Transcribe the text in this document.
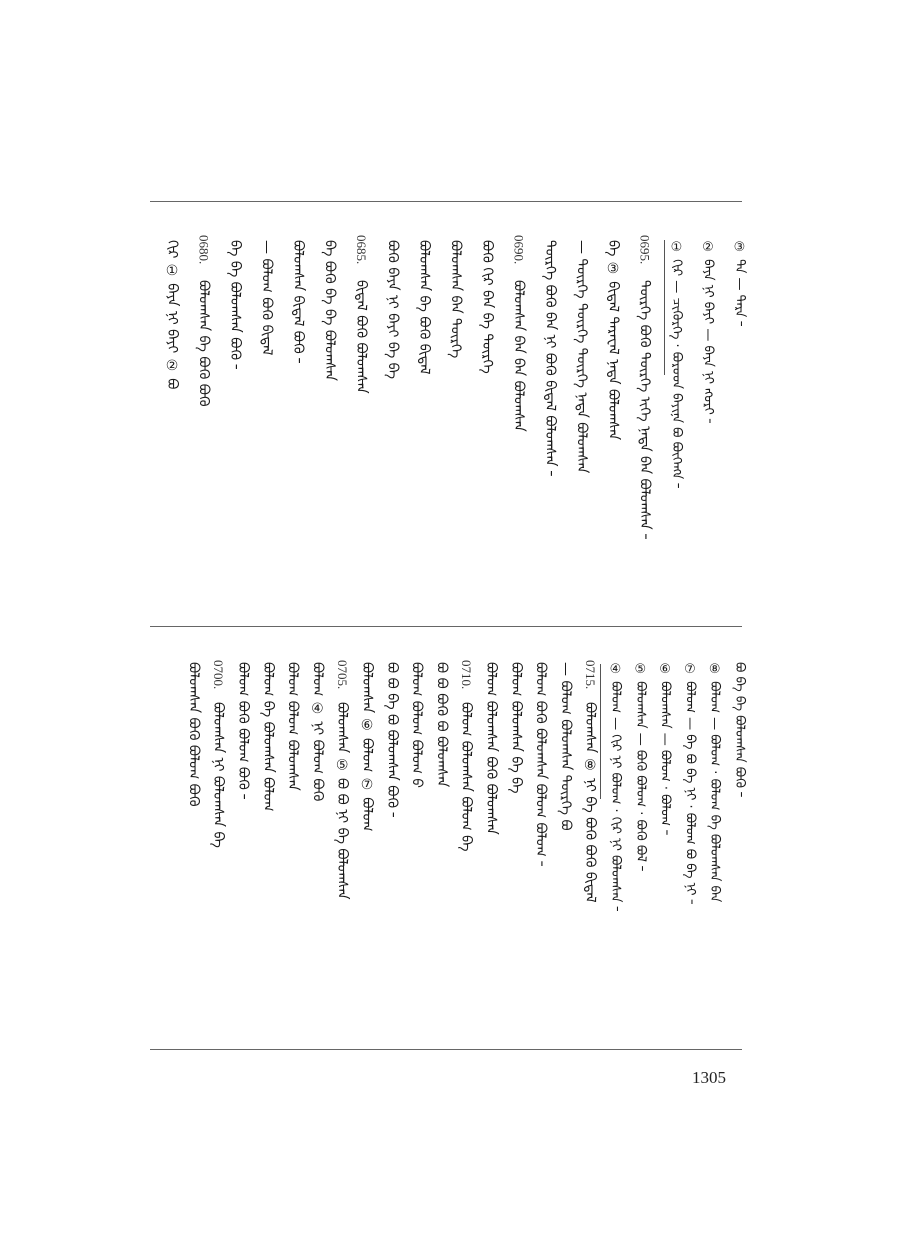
③ ᠲᠡ — ᠲᠡᠷᠡ ᠊᠊
② ᠪᠠᠶᠠ ᠨᠢ ᠪᠠᠶᠢ — ᠪᠠᠶᠠ ᠨᠢ ᠩᠤᠷᠢ ᠊᠊
① ᠭᠢᠷ — ᠴᠢᠭᠦᠷᠭᠡ · ᠪᠤᠷᠤᠳ ᠪᠠᠶᠢᠨᠠ ᠪᠤ ᠪᠥᠭᠡᠩᠡ ᠊᠊
0695.
ᠲᠦᠷᠭᠡ ᠪᠤᠭᠦ ᠲᠦᠷᠭᠡ ᠢᠭᠡ ᠨᠡᠳᠡ ᠪᠡᠨ ᠪᠤᠯᠤᠭᠰᠠᠨ ᠊᠊
ᠪᠡ ③ ᠪᠢᠳᠡᠯ ᠲᠡᠷᠡᠸᠡᠯ ᠨᠡᠳᠡ ᠪᠤᠯᠤᠭᠰᠠᠨ
— ᠲᠦᠷᠭᠡ ᠲᠦᠷᠭᠡ ᠲᠦᠷᠭᠡ ᠨᠡᠳᠡ ᠪᠤᠯᠤᠭᠰᠠᠨ
ᠲᠦᠷᠭᠡ ᠪᠤᠭᠦ ᠪᠡᠨ ᠨᠢ ᠪᠤᠭᠦ ᠪᠢᠳᠡᠯ ᠪᠤᠯᠤᠭᠰᠠᠨ ᠊᠊
0690.
ᠪᠤᠯᠤᠭᠰᠠᠨ ᠪᠡᠨ ᠪᠡᠨ ᠪᠤᠯᠤᠭᠰᠠᠨ
ᠪᠤᠭᠦ ᠭᠢᠷ ᠪᠡᠨ ᠪᠡ ᠲᠦᠷᠭᠡ
ᠪᠤᠯᠤᠭᠰᠠᠨ ᠪᠡᠨ ᠲᠦᠷᠭᠡ
ᠪᠤᠯᠤᠭᠰᠠᠨ ᠪᠡ ᠪᠤᠭᠦ ᠪᠢᠳᠡᠯ
ᠪᠤᠭᠦ ᠪᠠᠶᠠ ᠨᠢ ᠪᠠᠶᠢ ᠪᠡ ᠪᠡ
0685.
ᠪᠢᠳᠡᠯ ᠪᠤᠭᠦ ᠪᠤᠯᠤᠭᠰᠠᠨ
ᠪᠡ ᠪᠤᠭᠦ ᠪᠡ ᠪᠡ ᠪᠤᠯᠤᠭᠰᠠᠨ
ᠪᠤᠯᠤᠭᠰᠠᠨ ᠪᠢᠳᠡᠯ ᠪᠤᠭᠦ ᠊᠊
— ᠪᠤᠯᠤᠭ ᠪᠤᠭᠦ ᠪᠢᠳᠡᠯ
ᠪᠡ ᠪᠡ ᠪᠤᠯᠤᠭᠰᠠᠨ ᠪᠤᠭᠦ ᠊᠊
0680.
ᠪᠤᠯᠤᠭᠰᠠᠨ ᠪᠡ ᠪᠤᠭᠦ ᠪᠤᠭᠦ
ᠭᠢᠷ ① ᠪᠠᠶᠠ ᠨᠢ ᠪᠠᠶᠢ ② ᠪᠤ
ᠪᠤ ᠪᠡ ᠪᠡ ᠪᠤᠯᠤᠭᠰᠠᠨ ᠪᠤᠭᠦ ᠊᠊
⑧ ᠪᠤᠯᠤᠭ — ᠪᠤᠯᠤᠭ · ᠪᠤᠯᠤᠭ ᠪᠡ ᠪᠤᠯᠤᠭᠰᠠᠨ ᠪᠡᠨ
⑦ ᠪᠤᠯᠤᠭ — ᠪᠡ ᠪᠤ ᠪᠡ ᠨᠢ · ᠪᠤᠯᠤᠭ ᠪᠤ ᠪᠡ ᠨᠢ ᠊᠊
⑥ ᠪᠤᠯᠤᠭᠰᠠᠨ — ᠪᠤᠯᠤᠭ · ᠪᠤᠯᠤᠭ ᠊᠊
⑤ ᠪᠤᠯᠤᠭᠰᠠᠨ — ᠪᠤᠭᠦ ᠪᠤᠯᠤᠭ · ᠪᠤᠭᠦ ᠪᠤᠯ ᠊᠊
④ ᠪᠤᠯᠤᠭ — ᠭᠢᠷ ᠨᠢ ᠪᠤᠯᠤᠭ · ᠭᠢᠷ ᠨᠢ ᠪᠤᠯᠤᠭᠰᠠᠨ ᠊᠊
0715.
ᠪᠤᠯᠤᠭᠰᠠᠨ ⑧ ᠨᠢ ᠪᠡ ᠪᠤᠭᠦ ᠪᠤᠭᠦ ᠪᠢᠳᠡᠯ
— ᠪᠤᠯᠤᠭ ᠪᠤᠯᠤᠭᠰᠠᠨ ᠲᠦᠷᠭᠡ ᠪᠤ
ᠪᠤᠯᠤᠭ ᠪᠤᠭᠦ ᠪᠤᠯᠤᠭᠰᠠᠨ ᠪᠤᠯᠤᠭ ᠪᠤᠯᠤᠭ ᠊᠊
ᠪᠤᠯᠤᠭ ᠪᠤᠯᠤᠭᠰᠠᠨ ᠪᠡ ᠪᠡ
ᠪᠤᠯᠤᠭ ᠪᠤᠯᠤᠭᠰᠠᠨ ᠪᠤᠭᠦ ᠪᠤᠯᠤᠭᠰᠠᠨ
0710.
ᠪᠤᠯᠤᠭ ᠪᠤᠯᠤᠭᠰᠠᠨ ᠪᠤᠯᠤᠭ ᠪᠡ
ᠪᠤ ᠪᠤ ᠪᠤᠭᠦ ᠪᠤ ᠪᠤᠯᠤᠭᠰᠠᠨ
ᠪᠤᠯᠤᠭ ᠪᠤᠯᠤᠭ ᠪᠤᠯᠤᠭ ᠪ
ᠪᠤ ᠪᠤ ᠪᠡ ᠪᠤ ᠪᠤᠯᠤᠭᠰᠠᠨ ᠪᠤᠭᠦ ᠊᠊
ᠪᠤᠯᠤᠭᠰᠠᠨ ⑥ ᠪᠤᠯᠤᠭ ⑦ ᠪᠤᠯᠤᠭ
0705.
ᠪᠤᠯᠤᠭᠰᠠᠨ ⑤ ᠪᠤ ᠪᠤ ᠨᠢ ᠪᠡ ᠪᠤᠯᠤᠭᠰᠠᠨ
ᠪᠤᠯᠤᠭ ④ ᠨᠢ ᠪᠤᠯᠤᠭ ᠪᠤᠭᠦ
ᠪᠤᠯᠤᠭ ᠪᠤᠯᠤᠭ ᠪᠤᠯᠤᠭᠰᠠᠨ
ᠪᠤᠯᠤᠭ ᠪᠡ ᠪᠤᠯᠤᠭᠰᠠᠨ ᠪᠤᠯᠤᠭ
ᠪᠤᠯᠤᠭ ᠪᠤᠭᠦ ᠪᠤᠯᠤᠭ ᠪᠤᠭᠦ ᠊᠊
0700.
ᠪᠤᠯᠤᠭᠰᠠᠨ ᠨᠢ ᠪᠤᠯᠤᠭᠰᠠᠨ ᠪᠡ
ᠪᠤᠯᠤᠭᠰᠠᠨ ᠪᠤᠭᠦ ᠪᠤᠯᠤᠭ ᠪᠤᠭᠦ
1305
